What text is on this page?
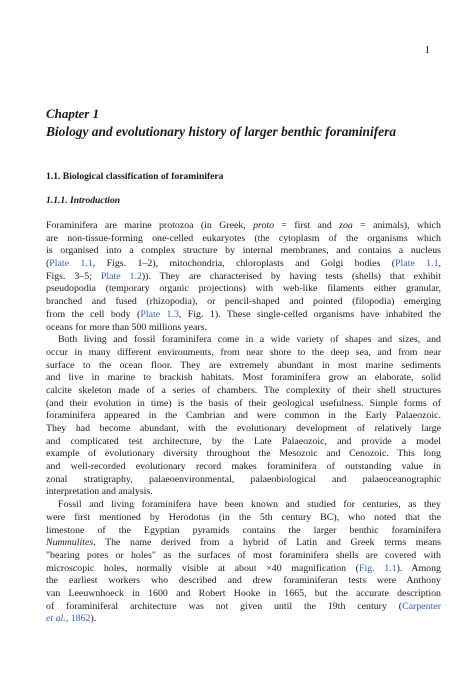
1
Chapter 1
Biology and evolutionary history of larger benthic foraminifera
1.1. Biological classification of foraminifera
1.1.1. Introduction
Foraminifera are marine protozoa (in Greek, proto = first and zoa = animals), which
are non-tissue-forming one-celled eukaryotes (the cytoplasm of the organisms which
is organised into a complex structure by internal membranes, and contains a nucleus
(Plate 1.1, Figs. 1–2), mitochondria, chloroplasts and Golgi bodies (Plate 1.1,
Figs. 3–5; Plate 1.2)). They are characterised by having tests (shells) that exhibit
pseudopodia (temporary organic projections) with web-like filaments either granular,
branched and fused (rhizopodia), or pencil-shaped and pointed (filopodia) emerging
from the cell body (Plate 1.3, Fig. 1). These single-celled organisms have inhabited the
oceans for more than 500 millions years.
Both living and fossil foraminifera come in a wide variety of shapes and sizes, and
occur in many different environments, from near shore to the deep sea, and from near
surface to the ocean floor. They are extremely abundant in most marine sediments
and live in marine to brackish habitats. Most foraminifera grow an elaborate, solid
calcite skeleton made of a series of chambers. The complexity of their shell structures
(and their evolution in time) is the basis of their geological usefulness. Simple forms of
foraminifera appeared in the Cambrian and were common in the Early Palaeozoic.
They had become abundant, with the evolutionary development of relatively large
and complicated test architecture, by the Late Palaeozoic, and provide a model
example of evolutionary diversity throughout the Mesozoic and Cenozoic. This long
and well-recorded evolutionary record makes foraminifera of outstanding value in
zonal stratigraphy, palaeoenvironmental, palaeobiological and palaeoceanographic
interpretation and analysis.
Fossil and living foraminifera have been known and studied for centuries, as they
were first mentioned by Herodotus (in the 5th century BC), who noted that the
limestone of the Egyptian pyramids contains the larger benthic foraminifera
Nummulites. The name derived from a hybrid of Latin and Greek terms means
"bearing pores or holes" as the surfaces of most foraminifera shells are covered with
microscopic holes, normally visible at about ×40 magnification (Fig. 1.1). Among
the earliest workers who described and drew foraminiferan tests were Anthony
van Leeuwnhoeck in 1600 and Robert Hooke in 1665, but the accurate description
of foraminiferal architecture was not given until the 19th century (Carpenter
et al., 1862).
